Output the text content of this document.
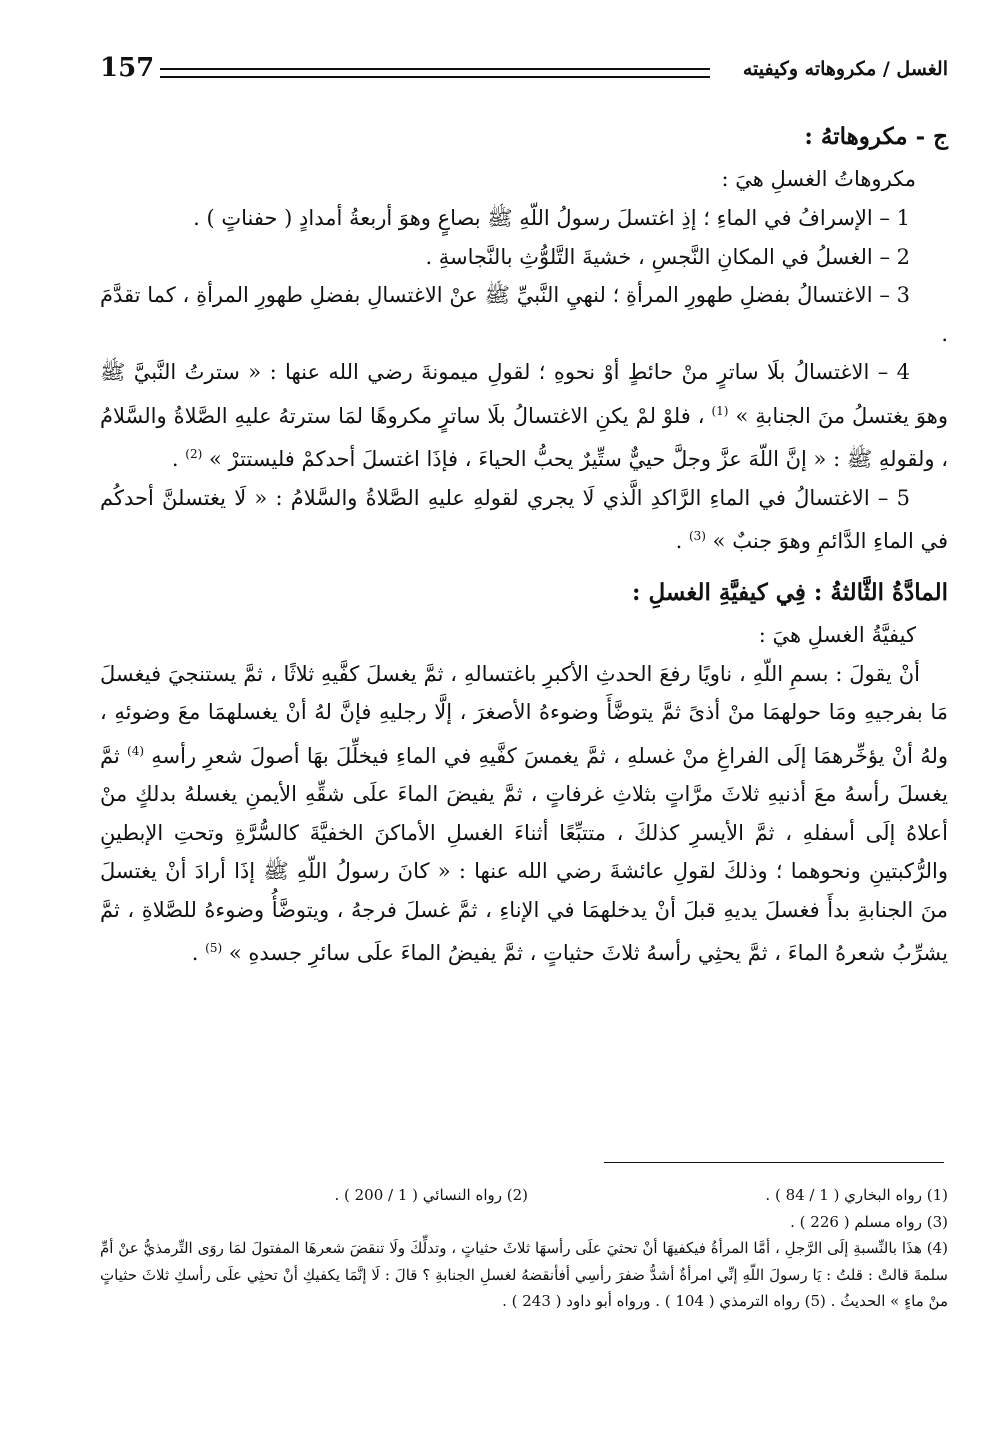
157	الغسل / مكروهاته وكيفيته

ج - مكروهاتهُ :

مكروهاتُ الغسلِ هيَ :

1 – الإسرافُ في الماءِ ؛ إذِ اغتسلَ رسولُ اللّهِ ﷺ بصاعٍ وهوَ أربعةُ أمدادٍ ( حفناتٍ ) .

2 – الغسلُ في المكانِ النَّجسِ ، خشيةَ التَّلوُّثِ بالنَّجاسةِ .

3 – الاغتسالُ بفضلِ طهورِ المرأةِ ؛ لنهيِ النَّبيِّ ﷺ عنْ الاغتسالِ بفضلِ طهورِ المرأةِ ، كما تقدَّمَ .

4 – الاغتسالُ بلَا ساترٍ منْ حائطٍ أوْ نحوهِ ؛ لقولِ ميمونةَ رضي الله عنها : « سترتُ النَّبيَّ ﷺ وهوَ يغتسلُ منَ الجنابةِ » $^{(1)}$ ، فلوْ لمْ يكنِ الاغتسالُ بلَا ساترٍ مكروهًا لمَا سترتهُ عليهِ الصَّلاةُ والسَّلامُ ، ولقولهِ ﷺ : « إنَّ اللّهَ عزَّ وجلَّ حييٌّ ستِّيرٌ يحبُّ الحياءَ ، فإذَا اغتسلَ أحدكمْ فليستترْ » $^{(2)}$ .

5 – الاغتسالُ في الماءِ الرَّاكدِ الَّذي لَا يجري لقولهِ عليهِ الصَّلاةُ والسَّلامُ : « لَا يغتسلنَّ أحدكُم في الماءِ الدَّائمِ وهوَ جنبٌ » $^{(3)}$ .

المادَّةُ الثَّالثةُ : فِي كيفيَّةِ الغسلِ :

كيفيَّةُ الغسلِ هيَ :

أنْ يقولَ : بسمِ اللّهِ ، ناويًا رفعَ الحدثِ الأكبرِ باغتسالهِ ، ثمَّ يغسلَ كفَّيهِ ثلاثًا ، ثمَّ يستنجيَ فيغسلَ مَا بفرجيهِ ومَا حولهمَا منْ أذىً ثمَّ يتوضَّأَ وضوءهُ الأصغرَ ، إلَّا رجليهِ فإنَّ لهُ أنْ يغسلهمَا معَ وضوئهِ ، ولهُ أنْ يؤخِّرهمَا إلَى الفراغِ منْ غسلهِ ، ثمَّ يغمسَ كفَّيهِ في الماءِ فيخلِّلَ بهَا أصولَ شعرِ رأسهِ $^{(4)}$ ثمَّ يغسلَ رأسهُ معَ أذنيهِ ثلاثَ مرَّاتٍ بثلاثِ غرفاتٍ ، ثمَّ يفيضَ الماءَ علَى شقِّهِ الأيمنِ يغسلهُ بدلكٍ منْ أعلاهُ إلَى أسفلهِ ، ثمَّ الأيسرِ كذلكَ ، متتبِّعًا أثناءَ الغسلِ الأماكنَ الخفيَّةَ كالسُّرَّةِ وتحتِ الإبطينِ والرُّكبتينِ ونحوهما ؛ وذلكَ لقولِ عائشةَ رضي الله عنها : « كانَ رسولُ اللّهِ ﷺ إذَا أرادَ أنْ يغتسلَ منَ الجنابةِ بدأَ فغسلَ يديهِ قبلَ أنْ يدخلهمَا في الإناءِ ، ثمَّ غسلَ فرجهُ ، ويتوضَّأُ وضوءهُ للصَّلاةِ ، ثمَّ يشرِّبُ شعرهُ الماءَ ، ثمَّ يحثِي رأسهُ ثلاثَ حثياتٍ ، ثمَّ يفيضُ الماءَ علَى سائرِ جسدهِ » $^{(5)}$ .

(1) رواه البخاري ( 1 / 84 ) .
(2) رواه النسائي ( 1 / 200 ) .
(3) رواه مسلم ( 226 ) .

(4) هذَا بالنِّسبةِ إلَى الرَّجلِ ، أمَّا المرأةُ فيكفيهَا أنْ تحثيَ علَى رأسهَا ثلاثَ حثياتٍ ، وتدلِّكَ ولَا تنقضَ شعرهَا المفتولَ لمَا روَى التِّرمذيُّ عنْ أمِّ سلمةَ قالتْ : قلتُ : يَا رسولَ اللّهِ إنِّي امرأةٌ أشدُّ ضفرَ رأسِي أفأنقضهُ لغسلِ الجنابةِ ؟ قالَ : لَا إنَّمَا يكفيكِ أنْ تحثِي علَى رأسكِ ثلاثَ حثياتٍ منْ ماءٍ » الحديثُ . (5) رواه الترمذي ( 104 ) . ورواه أبو داود ( 243 ) .
